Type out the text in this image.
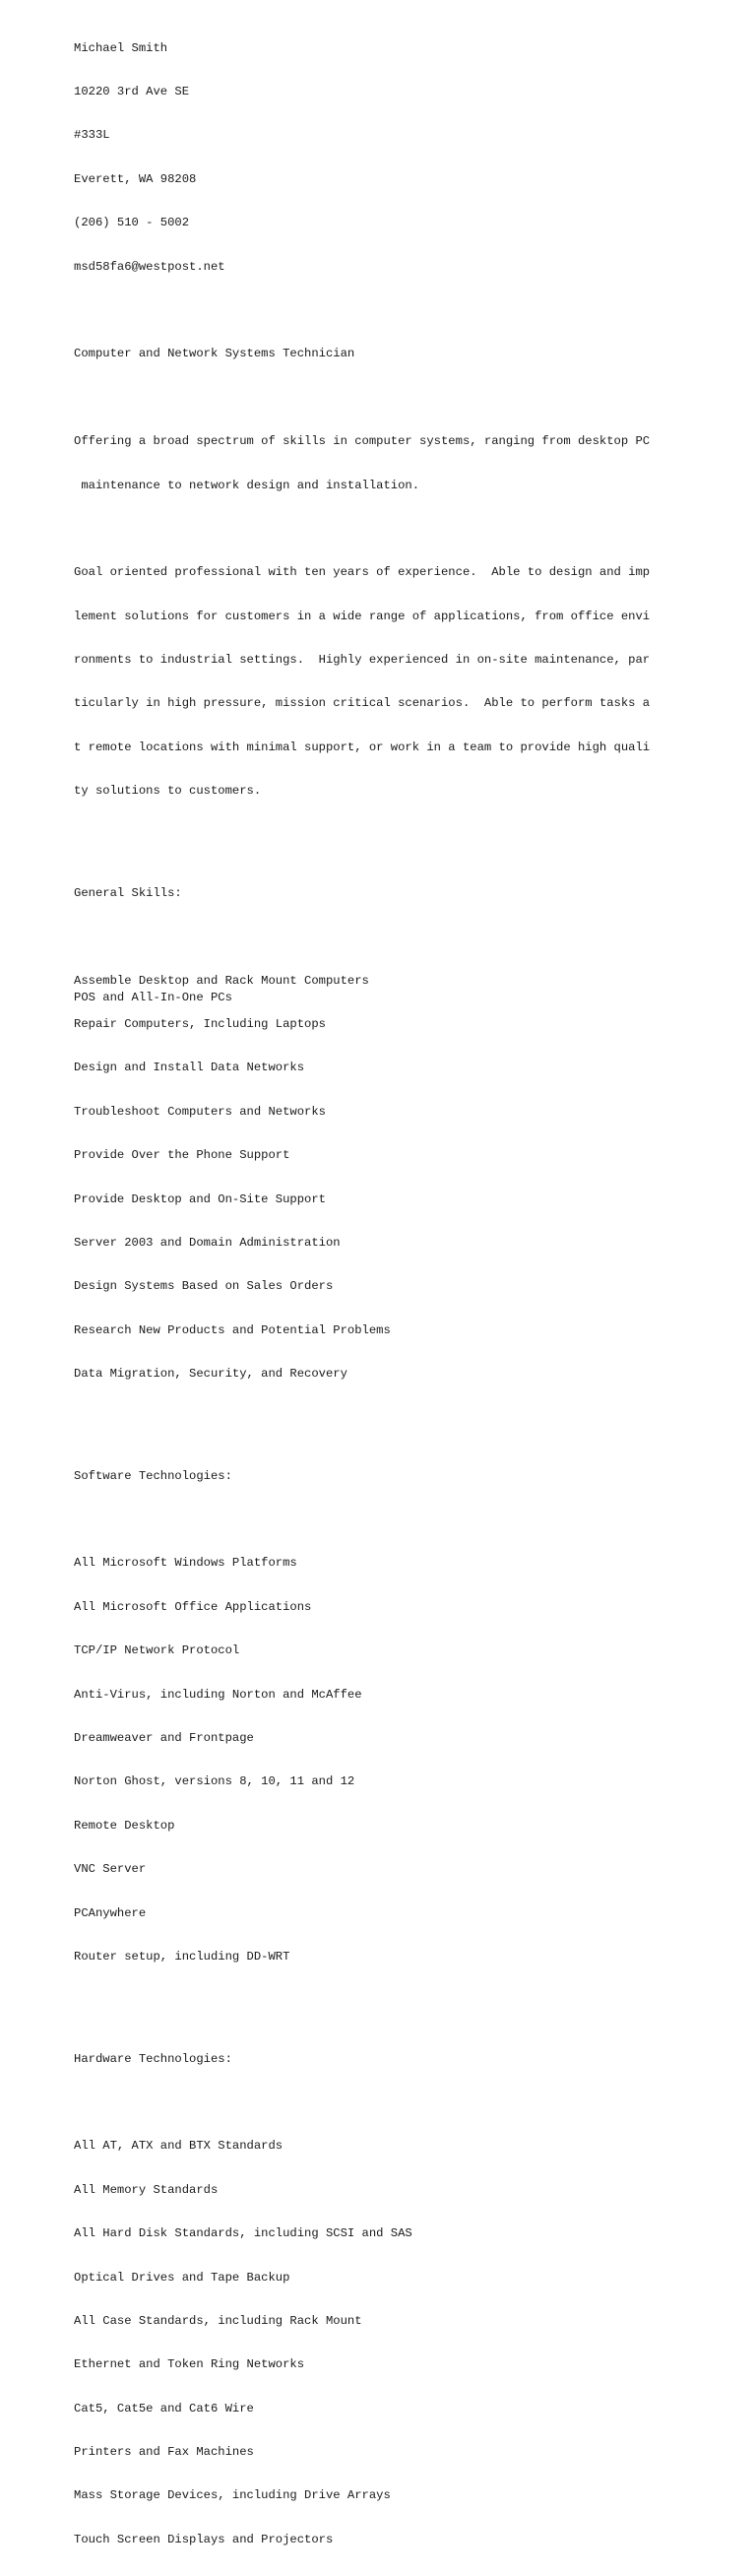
Michael Smith

10220 3rd Ave SE

#333L

Everett, WA 98208

(206) 510 - 5002

msd58fa6@westpost.net

Computer and Network Systems Technician

Offering a broad spectrum of skills in computer systems, ranging from desktop PC

maintenance to network design and installation.

Goal oriented professional with ten years of experience.  Able to design and imp

lement solutions for customers in a wide range of applications, from office envi

ronments to industrial settings.  Highly experienced in on-site maintenance, par

ticularly in high pressure, mission critical scenarios.  Able to perform tasks a

t remote locations with minimal support, or work in a team to provide high quali

ty solutions to customers.

General Skills:

Assemble Desktop and Rack Mount Computers

Repair Computers, Including Laptops

Design and Install Data Networks

Troubleshoot Computers and Networks

Provide Over the Phone Support

Provide Desktop and On-Site Support

Server 2003 and Domain Administration

Design Systems Based on Sales Orders

Research New Products and Potential Problems

Data Migration, Security, and Recovery

Software Technologies:

All Microsoft Windows Platforms

All Microsoft Office Applications

TCP/IP Network Protocol

Anti-Virus, including Norton and McAffee

Dreamweaver and Frontpage

Norton Ghost, versions 8, 10, 11 and 12

Remote Desktop

VNC Server

PCAnywhere

Router setup, including DD-WRT

Hardware Technologies:

All AT, ATX and BTX Standards

All Memory Standards

All Hard Disk Standards, including SCSI and SAS

Optical Drives and Tape Backup

All Case Standards, including Rack Mount

Ethernet and Token Ring Networks

Cat5, Cat5e and Cat6 Wire

Printers and Fax Machines

Mass Storage Devices, including Drive Arrays

Touch Screen Displays and Projectors

POS and All-In-One PCs
